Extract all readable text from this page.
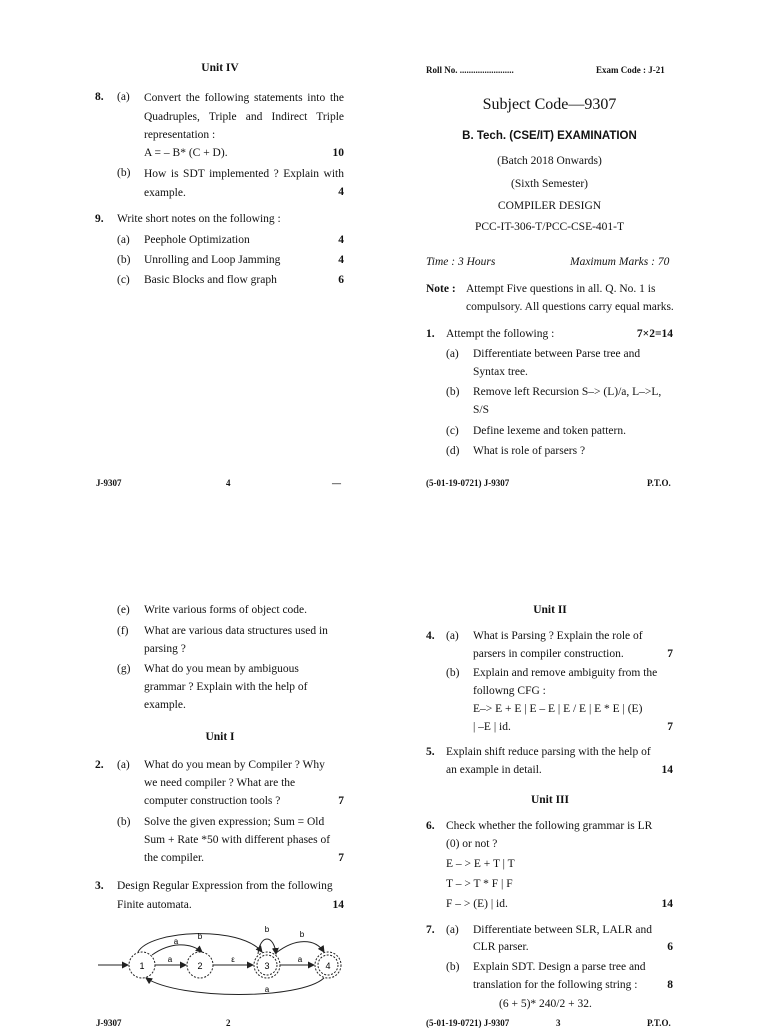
Unit IV
8. (a) Convert the following statements into the Quadruples, Triple and Indirect Triple representation :
A = – B* (C + D).	10
(b) How is SDT implemented ? Explain with example.	4
9. Write short notes on the following :
(a) Peephole Optimization	4
(b) Unrolling and Loop Jamming	4
(c) Basic Blocks and flow graph	6
J-9307	4	—
Roll No. ........................	Exam Code : J-21
Subject Code—9307
B. Tech. (CSE/IT) EXAMINATION
(Batch 2018 Onwards)
(Sixth Semester)
COMPILER DESIGN
PCC-IT-306-T/PCC-CSE-401-T
Time : 3 Hours	Maximum Marks : 70
Note : Attempt Five questions in all. Q. No. 1 is
compulsory. All questions carry equal marks.
1. Attempt the following :	7×2=14
(a) Differentiate between Parse tree and
Syntax tree.
(b) Remove left Recursion S–> (L)/a, L–>L,
S/S
(c) Define lexeme and token pattern.
(d) What is role of parsers ?
(5-01-19-0721) J-9307	P.T.O.
(e) Write various forms of object code.
(f) What are various data structures used in
parsing ?
(g) What do you mean by ambiguous
grammar ? Explain with the help of
example.
Unit I
2. (a) What do you mean by Compiler ? Why
we need compiler ? What are the
computer construction tools ?	7
(b) Solve the given expression; Sum = Old
Sum + Rate *50 with different phases of
the compiler.	7
3. Design Regular Expression from the following
Finite automata.	14
1	2	3	4
a
b
a
ε
b
b
a
a
J-9307	2
Unit II
4. (a) What is Parsing ? Explain the role of
parsers in compiler construction.	7
(b) Explain and remove ambiguity from the
followng CFG :
E–> E + E | E – E | E / E | E * E | (E)
| –E | id.	7
5. Explain shift reduce parsing with the help of
an example in detail.	14
Unit III
6. Check whether the following grammar is LR
(0) or not ?
E – > E + T | T
T – > T * F | F
F – > (E) | id.	14
7. (a) Differentiate between SLR, LALR and
CLR parser.	6
(b) Explain SDT. Design a parse tree and
translation for the following string :	8
(6 + 5)* 240/2 + 32.
(5-01-19-0721) J-9307	3	P.T.O.
